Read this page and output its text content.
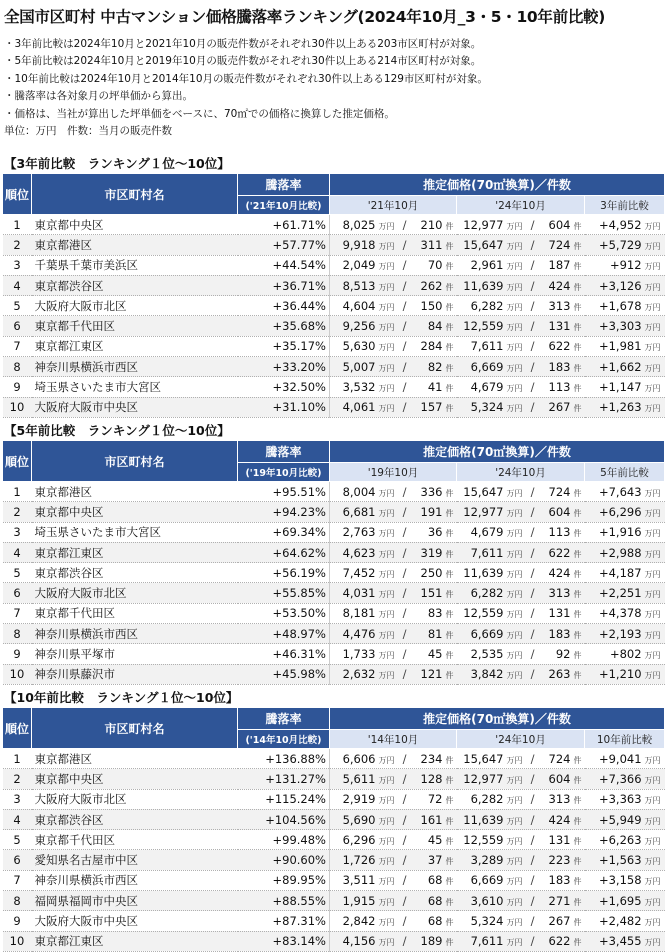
全国市区町村 中古マンション価格騰落率ランキング(2024年10月_3・5・10年前比較)
・3年前比較は2024年10月と2021年10月の販売件数がそれぞれ30件以上ある203市区町村が対象。
・5年前比較は2024年10月と2019年10月の販売件数がそれぞれ30件以上ある214市区町村が対象。
・10年前比較は2024年10月と2014年10月の販売件数がそれぞれ30件以上ある129市区町村が対象。
・騰落率は各対象月の坪単価から算出。
・価格は、当社が算出した坪単価をベースに、70㎡での価格に換算した推定価格。
単位：万円　件数：当月の販売件数
【3年前比較　ランキング１位〜10位】
順位	市区町村名	騰落率	推定価格(70㎡換算)／件数		
		('21年10月比較)	'21年10月	'24年10月	3年前比較
1	東京都中央区	+61.71%	8,025 万円 / 210 件	12,977 万円 / 604 件	+4,952 万円
2	東京都港区	+57.77%	9,918 万円 / 311 件	15,647 万円 / 724 件	+5,729 万円
3	千葉県千葉市美浜区	+44.54%	2,049 万円 / 70 件	2,961 万円 / 187 件	+912 万円
4	東京都渋谷区	+36.71%	8,513 万円 / 262 件	11,639 万円 / 424 件	+3,126 万円
5	大阪府大阪市北区	+36.44%	4,604 万円 / 150 件	6,282 万円 / 313 件	+1,678 万円
6	東京都千代田区	+35.68%	9,256 万円 / 84 件	12,559 万円 / 131 件	+3,303 万円
7	東京都江東区	+35.17%	5,630 万円 / 284 件	7,611 万円 / 622 件	+1,981 万円
8	神奈川県横浜市西区	+33.20%	5,007 万円 / 82 件	6,669 万円 / 183 件	+1,662 万円
9	埼玉県さいたま市大宮区	+32.50%	3,532 万円 / 41 件	4,679 万円 / 113 件	+1,147 万円
10	大阪府大阪市中央区	+31.10%	4,061 万円 / 157 件	5,324 万円 / 267 件	+1,263 万円
【5年前比較　ランキング１位〜10位】
順位	市区町村名	騰落率	推定価格(70㎡換算)／件数		
		('19年10月比較)	'19年10月	'24年10月	5年前比較
1	東京都港区	+95.51%	8,004 万円 / 336 件	15,647 万円 / 724 件	+7,643 万円
2	東京都中央区	+94.23%	6,681 万円 / 191 件	12,977 万円 / 604 件	+6,296 万円
3	埼玉県さいたま市大宮区	+69.34%	2,763 万円 / 36 件	4,679 万円 / 113 件	+1,916 万円
4	東京都江東区	+64.62%	4,623 万円 / 319 件	7,611 万円 / 622 件	+2,988 万円
5	東京都渋谷区	+56.19%	7,452 万円 / 250 件	11,639 万円 / 424 件	+4,187 万円
6	大阪府大阪市北区	+55.85%	4,031 万円 / 151 件	6,282 万円 / 313 件	+2,251 万円
7	東京都千代田区	+53.50%	8,181 万円 / 83 件	12,559 万円 / 131 件	+4,378 万円
8	神奈川県横浜市西区	+48.97%	4,476 万円 / 81 件	6,669 万円 / 183 件	+2,193 万円
9	神奈川県平塚市	+46.31%	1,733 万円 / 45 件	2,535 万円 / 92 件	+802 万円
10	神奈川県藤沢市	+45.98%	2,632 万円 / 121 件	3,842 万円 / 263 件	+1,210 万円
【10年前比較　ランキング１位〜10位】
順位	市区町村名	騰落率	推定価格(70㎡換算)／件数		
		('14年10月比較)	'14年10月	'24年10月	10年前比較
1	東京都港区	+136.88%	6,606 万円 / 234 件	15,647 万円 / 724 件	+9,041 万円
2	東京都中央区	+131.27%	5,611 万円 / 128 件	12,977 万円 / 604 件	+7,366 万円
3	大阪府大阪市北区	+115.24%	2,919 万円 / 72 件	6,282 万円 / 313 件	+3,363 万円
4	東京都渋谷区	+104.56%	5,690 万円 / 161 件	11,639 万円 / 424 件	+5,949 万円
5	東京都千代田区	+99.48%	6,296 万円 / 45 件	12,559 万円 / 131 件	+6,263 万円
6	愛知県名古屋市中区	+90.60%	1,726 万円 / 37 件	3,289 万円 / 223 件	+1,563 万円
7	神奈川県横浜市西区	+89.95%	3,511 万円 / 68 件	6,669 万円 / 183 件	+3,158 万円
8	福岡県福岡市中央区	+88.55%	1,915 万円 / 68 件	3,610 万円 / 271 件	+1,695 万円
9	大阪府大阪市中央区	+87.31%	2,842 万円 / 68 件	5,324 万円 / 267 件	+2,482 万円
10	東京都江東区	+83.14%	4,156 万円 / 189 件	7,611 万円 / 622 件	+3,455 万円
